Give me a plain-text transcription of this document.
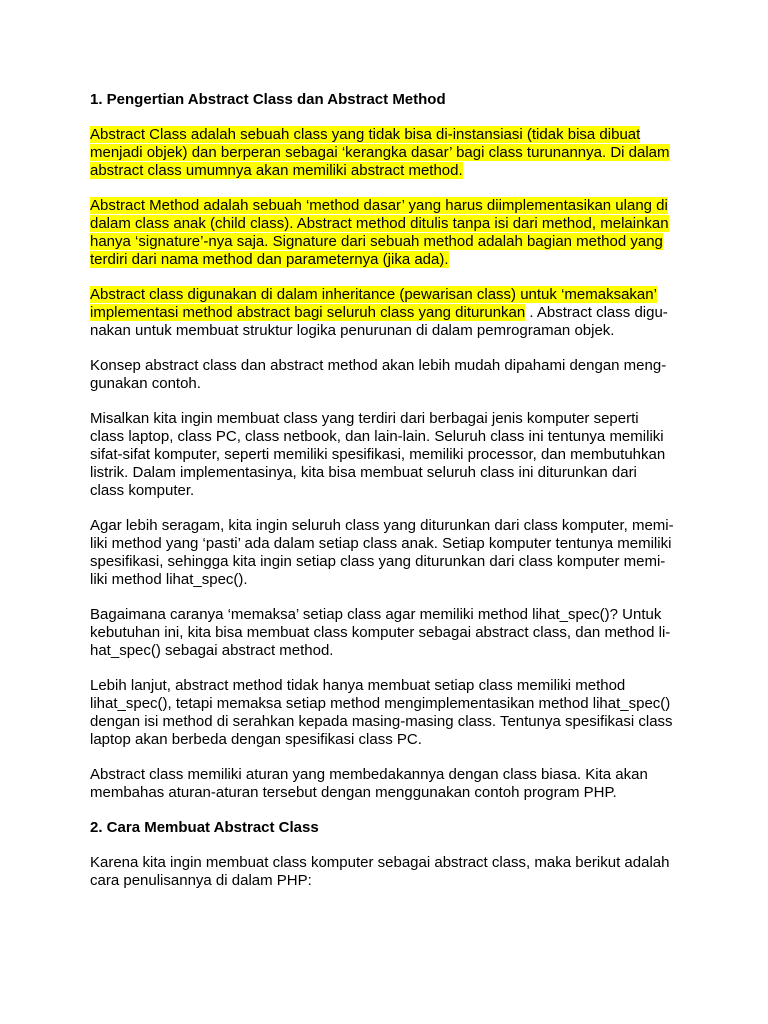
1. Pengertian Abstract Class dan Abstract Method
Abstract Class adalah sebuah class yang tidak bisa di-instansiasi (tidak bisa dibuat
menjadi objek) dan berperan sebagai ‘kerangka dasar’ bagi class turunannya. Di dalam
abstract class umumnya akan memiliki abstract method.
Abstract Method adalah sebuah ‘method dasar’ yang harus diimplementasikan ulang di
dalam class anak (child class). Abstract method ditulis tanpa isi dari method, melainkan
hanya ‘signature’-nya saja. Signature dari sebuah method adalah bagian method yang
terdiri dari nama method dan parameternya (jika ada).
Abstract class digunakan di dalam inheritance (pewarisan class) untuk ‘memaksakan’
implementasi method abstract bagi seluruh class yang diturunkan . Abstract class digu-
nakan untuk membuat struktur logika penurunan di dalam pemrograman objek.
Konsep abstract class dan abstract method akan lebih mudah dipahami dengan meng-
gunakan contoh.
Misalkan kita ingin membuat class yang terdiri dari berbagai jenis komputer seperti
class laptop, class PC, class netbook, dan lain-lain. Seluruh class ini tentunya memiliki
sifat-sifat komputer, seperti memiliki spesifikasi, memiliki processor, dan membutuhkan
listrik. Dalam implementasinya, kita bisa membuat seluruh class ini diturunkan dari
class komputer.
Agar lebih seragam, kita ingin seluruh class yang diturunkan dari class komputer, memi-
liki method yang ‘pasti’ ada dalam setiap class anak. Setiap komputer tentunya memiliki
spesifikasi, sehingga kita ingin setiap class yang diturunkan dari class komputer memi-
liki method lihat_spec().
Bagaimana caranya ‘memaksa’ setiap class agar memiliki method lihat_spec()? Untuk
kebutuhan ini, kita bisa membuat class komputer sebagai abstract class, dan method li-
hat_spec() sebagai abstract method.
Lebih lanjut, abstract method tidak hanya membuat setiap class memiliki method
lihat_spec(), tetapi memaksa setiap method mengimplementasikan method lihat_spec()
dengan isi method di serahkan kepada masing-masing class. Tentunya spesifikasi class
laptop akan berbeda dengan spesifikasi class PC.
Abstract class memiliki aturan yang membedakannya dengan class biasa. Kita akan
membahas aturan-aturan tersebut dengan menggunakan contoh program PHP.
2. Cara Membuat Abstract Class
Karena kita ingin membuat class komputer sebagai abstract class, maka berikut adalah
cara penulisannya di dalam PHP:
